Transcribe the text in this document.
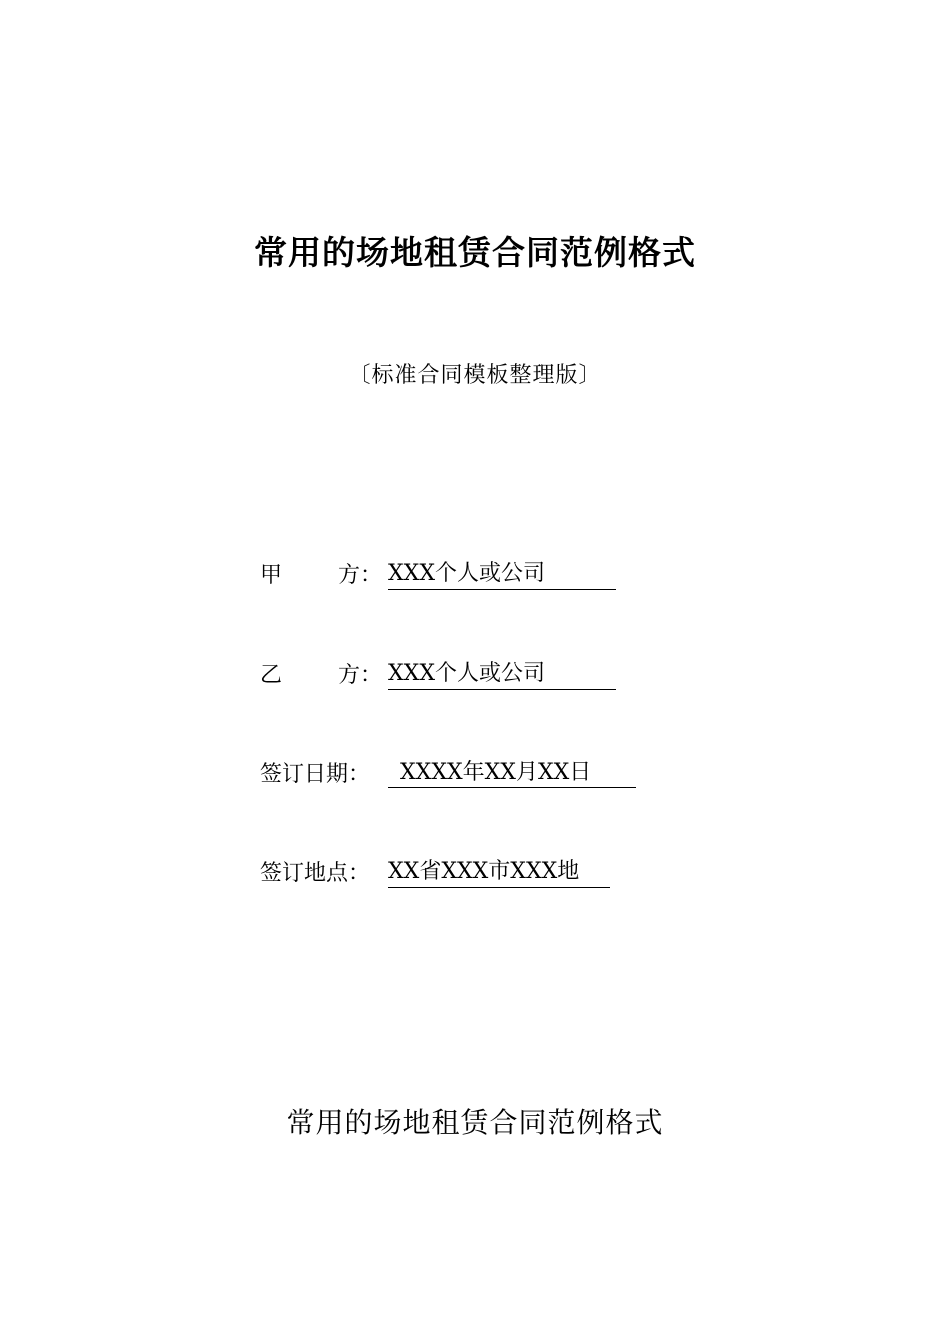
常用的场地租赁合同范例格式
〔标准合同模板整理版〕
甲	方： XXX个人或公司
乙	方： XXX个人或公司
签订日期： XXXX年XX月XX日
签订地点： XX省XXX市XXX地
常用的场地租赁合同范例格式
